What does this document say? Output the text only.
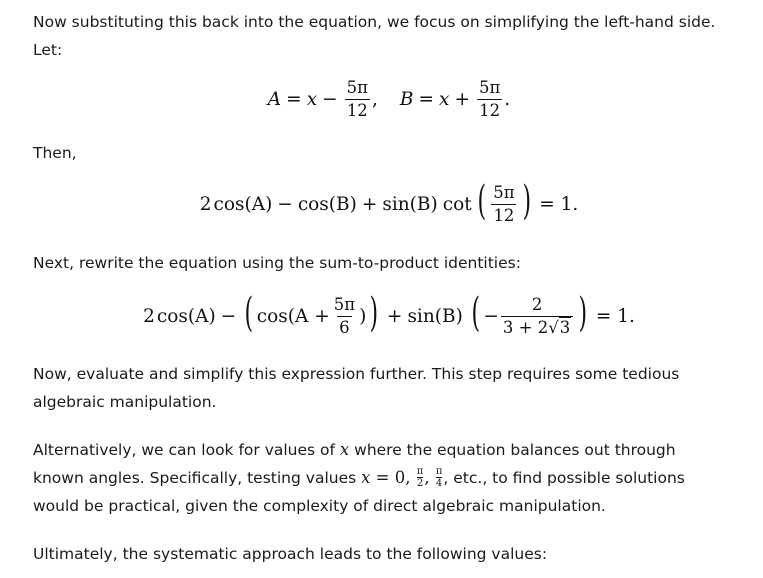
Now substituting this back into the equation, we focus on simplifying the left-hand side.

Let:

$A = x - \frac{5\pi}{12}$ , $B = x + \frac{5\pi}{12}$ .

Then,

2 cos(A) − cos(B) + sin(B) cot ( $\frac{5\pi}{12}$ ) = 1.

Next, rewrite the equation using the sum-to-product identities:

2 cos(A) − ( $\cos(A + \frac{5\pi}{6}$ ) ) + sin(B) ( − $\frac{2}{3 + 2√3}$ ) = 1.

Now, evaluate and simplify this expression further. This step requires some tedious

algebraic manipulation.

Alternatively, we can look for values of x where the equation balances out through

known angles. Specifically, testing values x = 0, $\frac{\pi}{2}$ , $\frac{\pi}{4}$ , etc., to find possible solutions

would be practical, given the complexity of direct algebraic manipulation.

Ultimately, the systematic approach leads to the following values:
